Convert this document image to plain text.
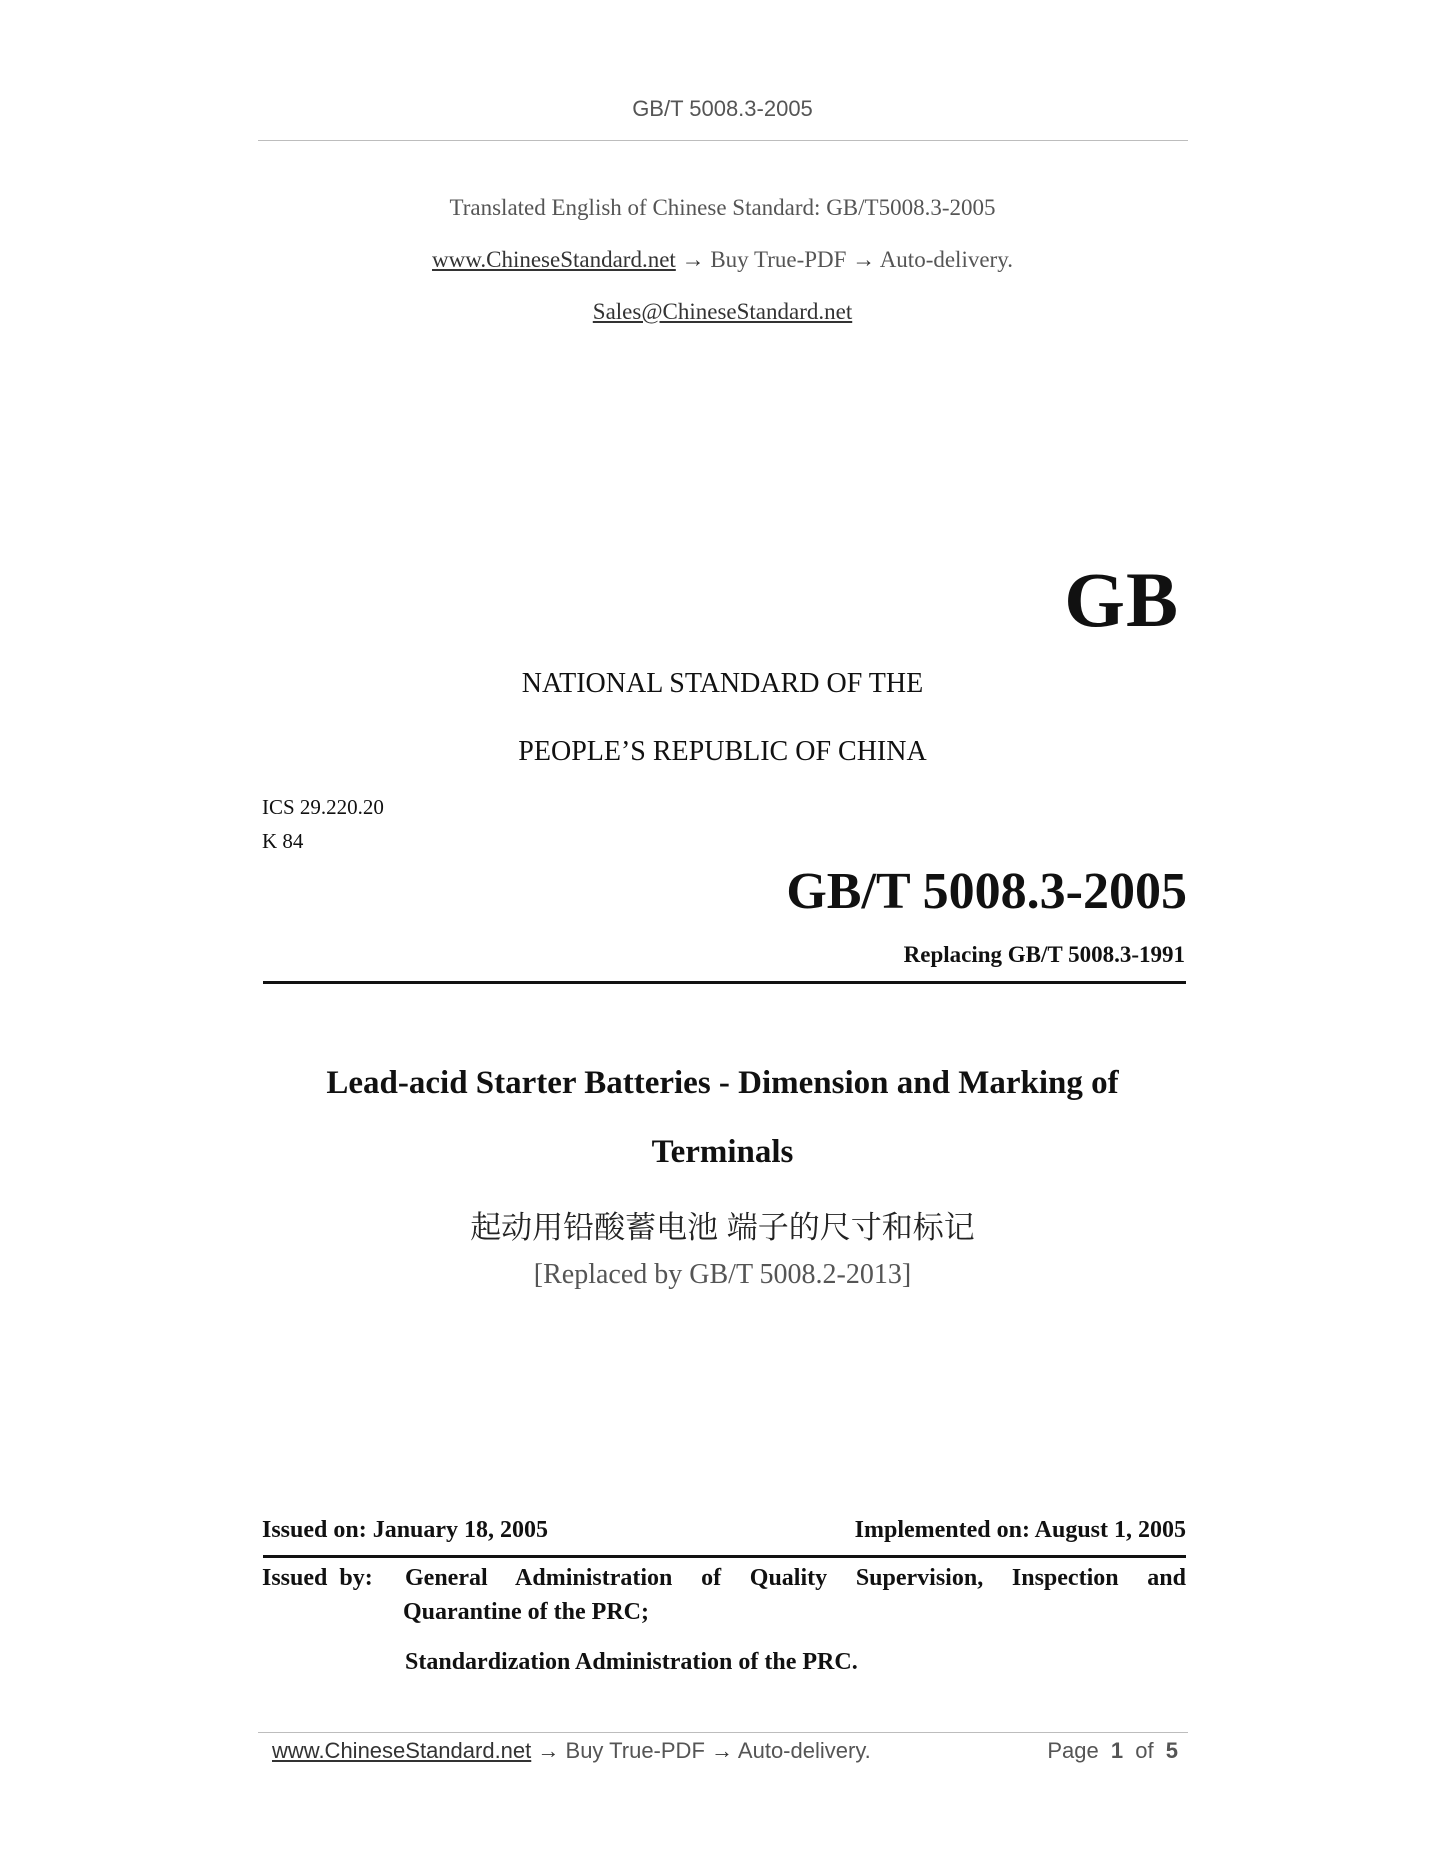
GB/T 5008.3-2005
Translated English of Chinese Standard: GB/T5008.3-2005
www.ChineseStandard.net → Buy True-PDF → Auto-delivery.
Sales@ChineseStandard.net
GB
NATIONAL STANDARD OF THE
PEOPLE’S REPUBLIC OF CHINA
ICS 29.220.20
K 84
GB/T 5008.3-2005
Replacing GB/T 5008.3-1991
Lead-acid Starter Batteries - Dimension and Marking of
Terminals
起动用铅酸蓄电池 端子的尺寸和标记
[Replaced by GB/T 5008.2-2013]
Issued on: January 18, 2005	Implemented on: August 1, 2005
Issued by: General Administration of Quality Supervision, Inspection and
Quarantine of the PRC;
Standardization Administration of the PRC.
www.ChineseStandard.net → Buy True-PDF → Auto-delivery.	Page 1 of 5
